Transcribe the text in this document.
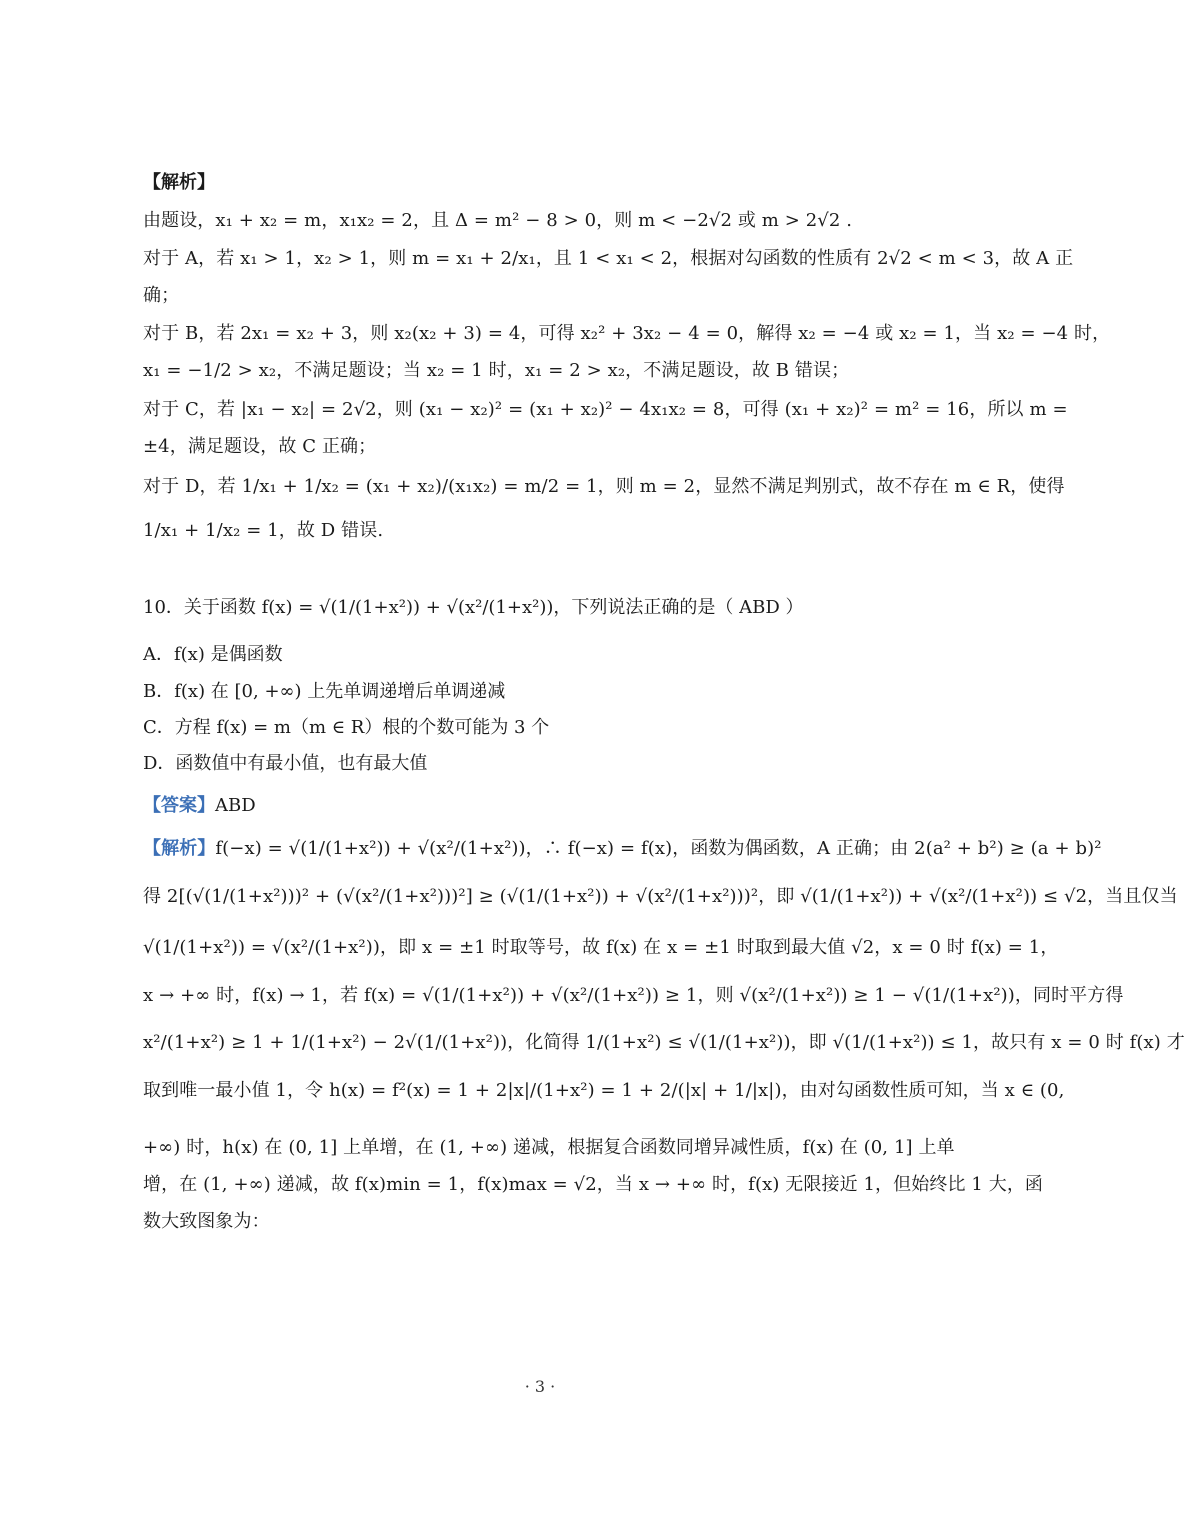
【解析】
由题设，x₁ + x₂ = m，x₁x₂ = 2，且 Δ = m² − 8 > 0，则 m < −2√2 或 m > 2√2 .
对于 A，若 x₁ > 1，x₂ > 1，则 m = x₁ + 2/x₁，且 1 < x₁ < 2，根据对勾函数的性质有 2√2 < m < 3，故 A 正
确；
对于 B，若 2x₁ = x₂ + 3，则 x₂(x₂ + 3) = 4，可得 x₂² + 3x₂ − 4 = 0，解得 x₂ = −4 或 x₂ = 1，当 x₂ = −4 时，
x₁ = −1/2 > x₂，不满足题设；当 x₂ = 1 时，x₁ = 2 > x₂，不满足题设，故 B 错误；
对于 C，若 |x₁ − x₂| = 2√2，则 (x₁ − x₂)² = (x₁ + x₂)² − 4x₁x₂ = 8，可得 (x₁ + x₂)² = m² = 16，所以 m =
±4，满足题设，故 C 正确；
对于 D，若 1/x₁ + 1/x₂ = (x₁ + x₂)/(x₁x₂) = m/2 = 1，则 m = 2，显然不满足判别式，故不存在 m ∈ R，使得
1/x₁ + 1/x₂ = 1，故 D 错误.
10．关于函数 f(x) = √(1/(1+x²)) + √(x²/(1+x²))，下列说法正确的是（ ABD ）
A．f(x) 是偶函数
B．f(x) 在 [0, +∞) 上先单调递增后单调递减
C．方程 f(x) = m（m ∈ R）根的个数可能为 3 个
D．函数值中有最小值，也有最大值
【答案】ABD
【解析】f(−x) = √(1/(1+x²)) + √(x²/(1+x²))，∴ f(−x) = f(x)，函数为偶函数，A 正确；由 2(a² + b²) ≥ (a + b)²
得 2[(√(1/(1+x²)))² + (√(x²/(1+x²)))²] ≥ (√(1/(1+x²)) + √(x²/(1+x²)))²，即 √(1/(1+x²)) + √(x²/(1+x²)) ≤ √2，当且仅当
√(1/(1+x²)) = √(x²/(1+x²))，即 x = ±1 时取等号，故 f(x) 在 x = ±1 时取到最大值 √2，x = 0 时 f(x) = 1，
x → +∞ 时，f(x) → 1，若 f(x) = √(1/(1+x²)) + √(x²/(1+x²)) ≥ 1，则 √(x²/(1+x²)) ≥ 1 − √(1/(1+x²))，同时平方得
x²/(1+x²) ≥ 1 + 1/(1+x²) − 2√(1/(1+x²))，化简得 1/(1+x²) ≤ √(1/(1+x²))，即 √(1/(1+x²)) ≤ 1，故只有 x = 0 时 f(x) 才
取到唯一最小值 1，令 h(x) = f²(x) = 1 + 2|x|/(1+x²) = 1 + 2/(|x| + 1/|x|)，由对勾函数性质可知，当 x ∈ (0,
+∞) 时，h(x) 在 (0, 1] 上单增，在 (1, +∞) 递减，根据复合函数同增异减性质，f(x) 在 (0, 1] 上单
增，在 (1, +∞) 递减，故 f(x)min = 1，f(x)max = √2，当 x → +∞ 时，f(x) 无限接近 1，但始终比 1 大，函
数大致图象为：
· 3 ·
